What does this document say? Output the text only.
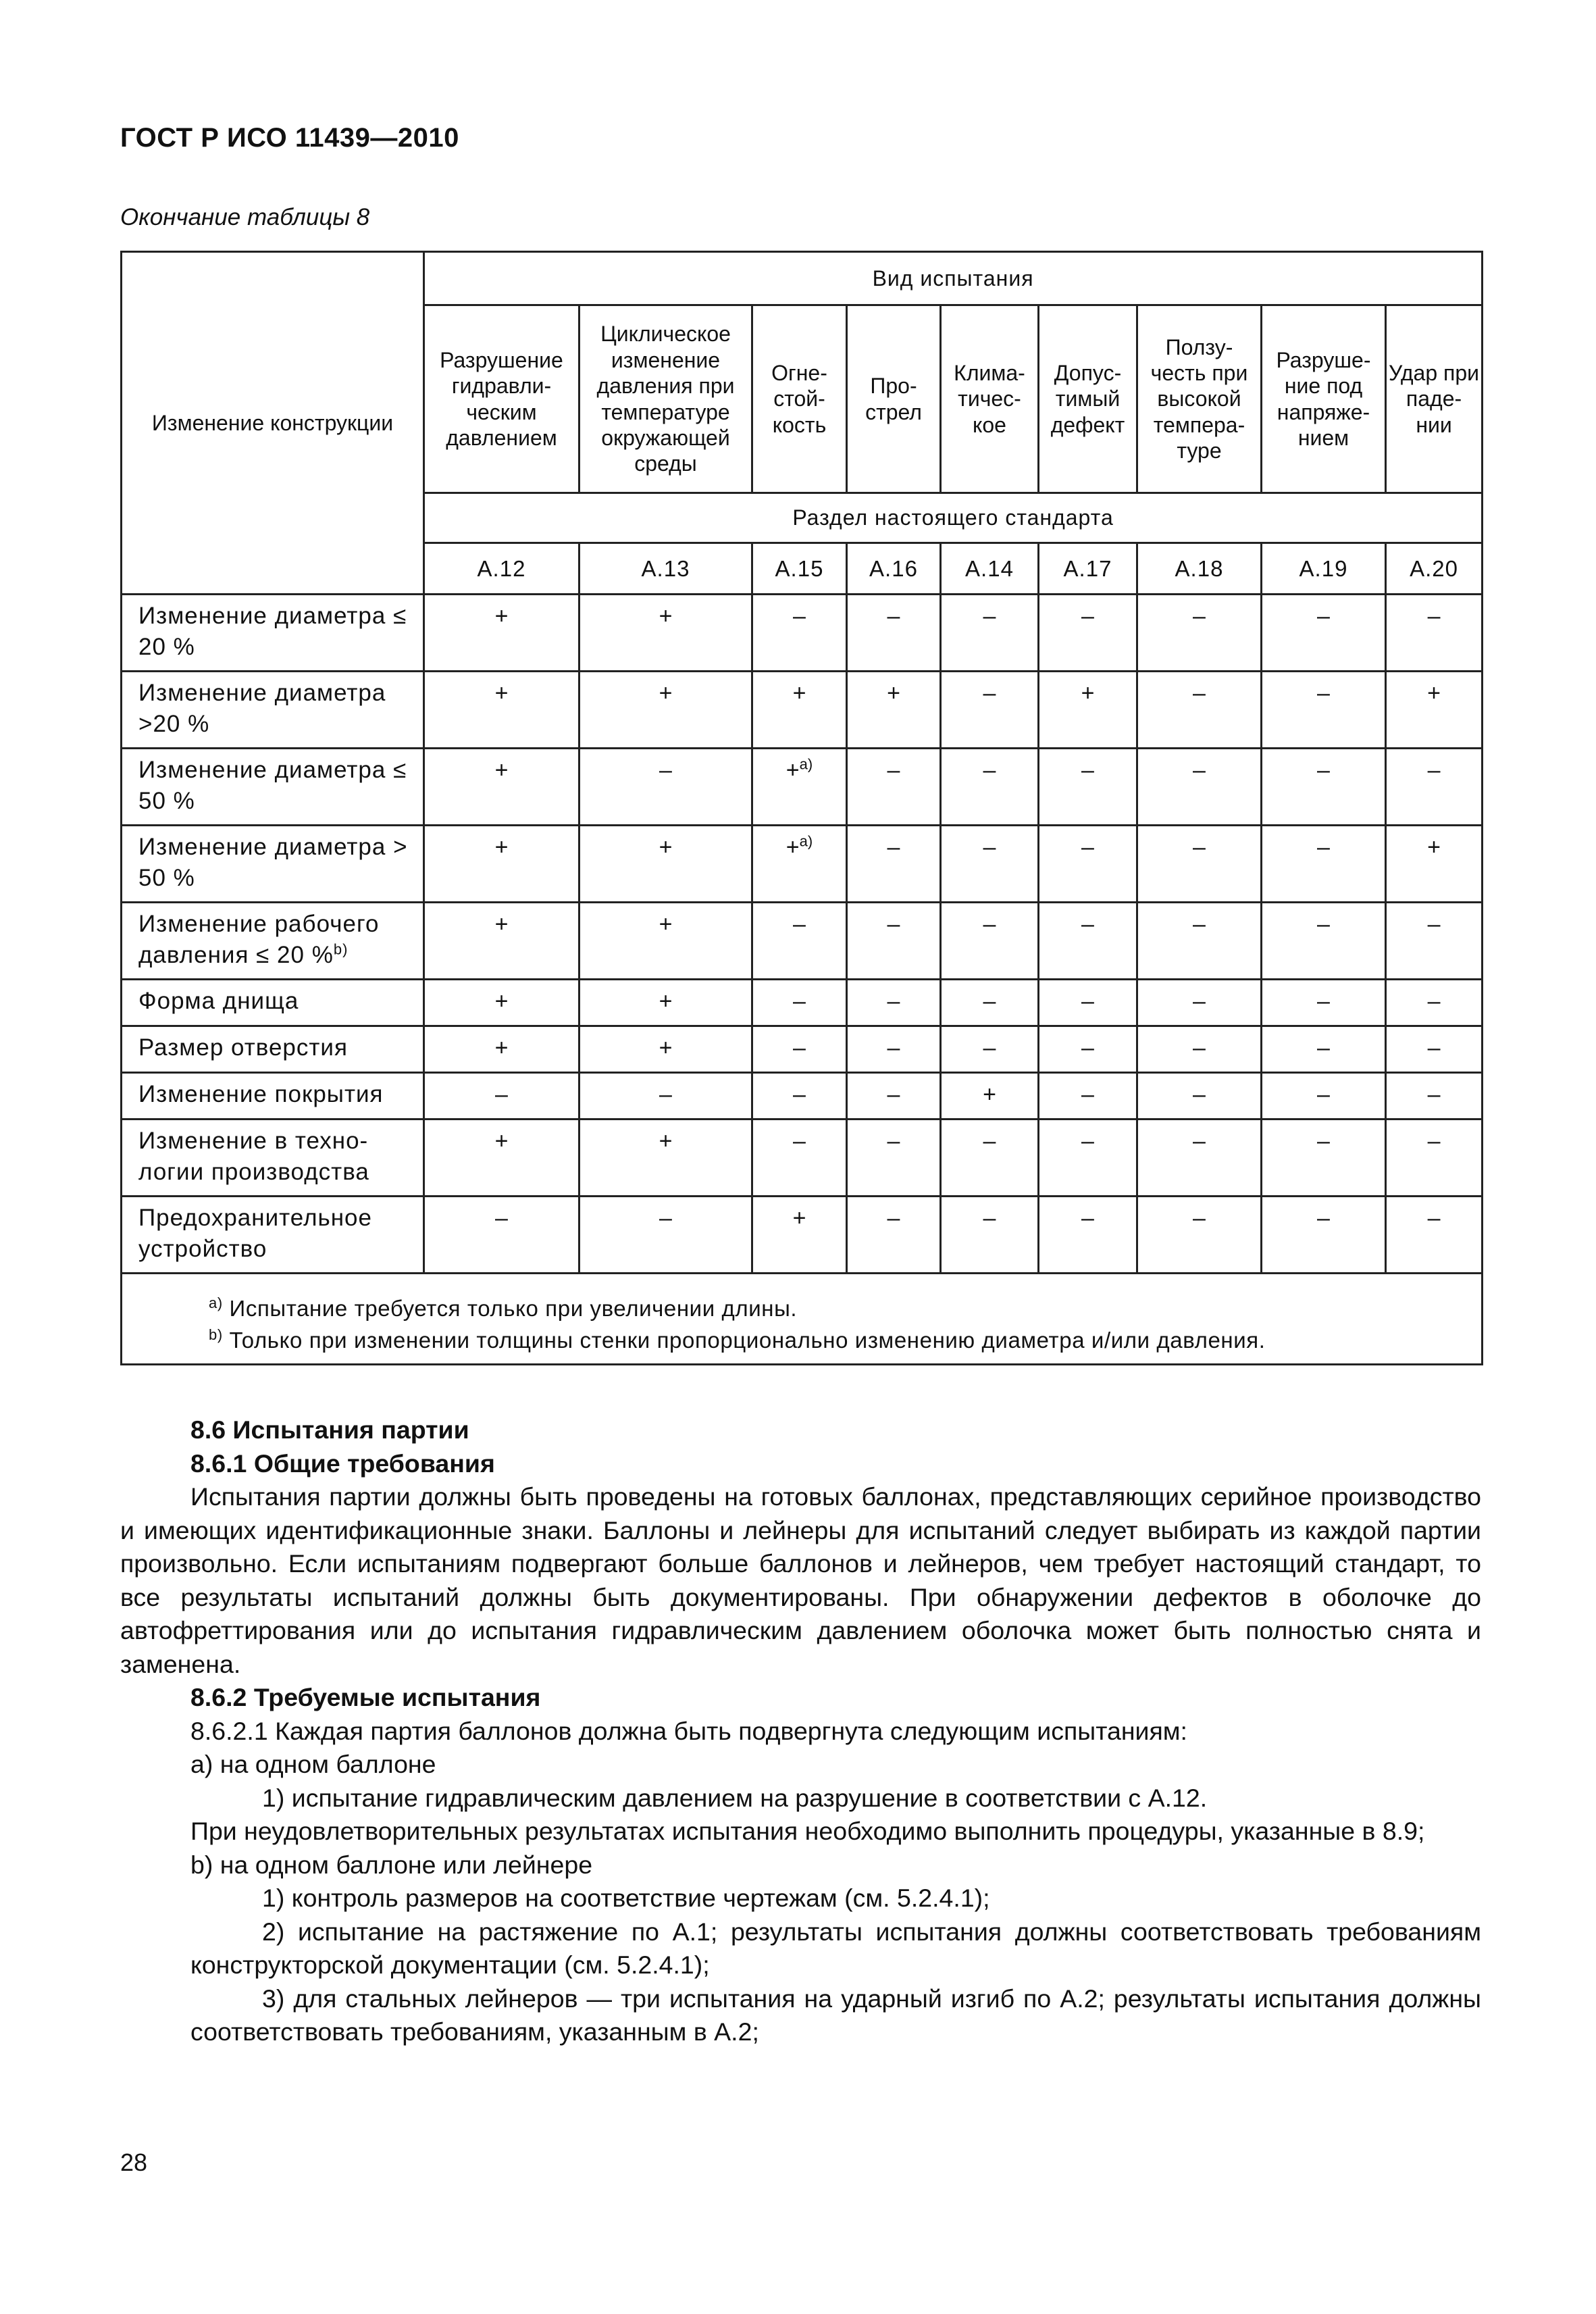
ГОСТ Р ИСО 11439—2010
Окончание таблицы 8
Изменение конструкции	Вид испытания								
	Разрушение гидравли- ческим давлением	Циклическое изменение давления при температуре окружающей среды	Огне- стой- кость	Про- стрел	Клима- тичес- кое	Допус- тимый дефект	Ползу- честь при высокой темпера- туре	Разруше- ние под напряже- нием	Удар при паде- нии
	Раздел настоящего стандарта								
	А.12	А.13	А.15	А.16	А.14	А.17	А.18	А.19	А.20
Изменение диаметра ≤ 20 %	+	+	–	–	–	–	–	–	–
Изменение диаметра >20 %	+	+	+	+	–	+	–	–	+
Изменение диаметра ≤ 50 %	+	–	+$^{а)}$	–	–	–	–	–	–
Изменение диаметра > 50 %	+	+	+$^{а)}$	–	–	–	–	–	+
Изменение рабочего давления ≤ 20 %$^{b)}$	+	+	–	–	–	–	–	–	–
Форма днища	+	+	–	–	–	–	–	–	–
Размер отверстия	+	+	–	–	–	–	–	–	–
Изменение покрытия	–	–	–	–	+	–	–	–	–
Изменение в техно- логии производства	+	+	–	–	–	–	–	–	–
Предохранительное устройство	–	–	+	–	–	–	–	–	–

$^{а)}$ Испытание требуется только при увеличении длины.
$^{b)}$ Только при изменении толщины стенки пропорционально изменению диаметра и/или давления.									

8.6 Испытания партии

8.6.1 Общие требования

Испытания партии должны быть проведены на готовых баллонах, представляющих серийное производство и имеющих идентификационные знаки. Баллоны и лейнеры для испытаний следует выбирать из каждой партии произвольно. Если испытаниям подвергают больше баллонов и лейнеров, чем требует настоящий стандарт, то все результаты испытаний должны быть документированы. При обнаружении дефектов в оболочке до автофреттирования или до испытания гидравлическим давлением оболочка может быть полностью снята и заменена.

8.6.2 Требуемые испытания

8.6.2.1 Каждая партия баллонов должна быть подвергнута следующим испытаниям:

а) на одном баллоне

1) испытание гидравлическим давлением на разрушение в соответствии с А.12.

При неудовлетворительных результатах испытания необходимо выполнить процедуры, указанные в 8.9;

b) на одном баллоне или лейнере

1) контроль размеров на соответствие чертежам (см. 5.2.4.1);

2) испытание на растяжение по А.1; результаты испытания должны соответствовать требованиям конструкторской документации (см. 5.2.4.1);

3) для стальных лейнеров — три испытания на ударный изгиб по А.2; результаты испытания должны соответствовать требованиям, указанным в А.2;

28
